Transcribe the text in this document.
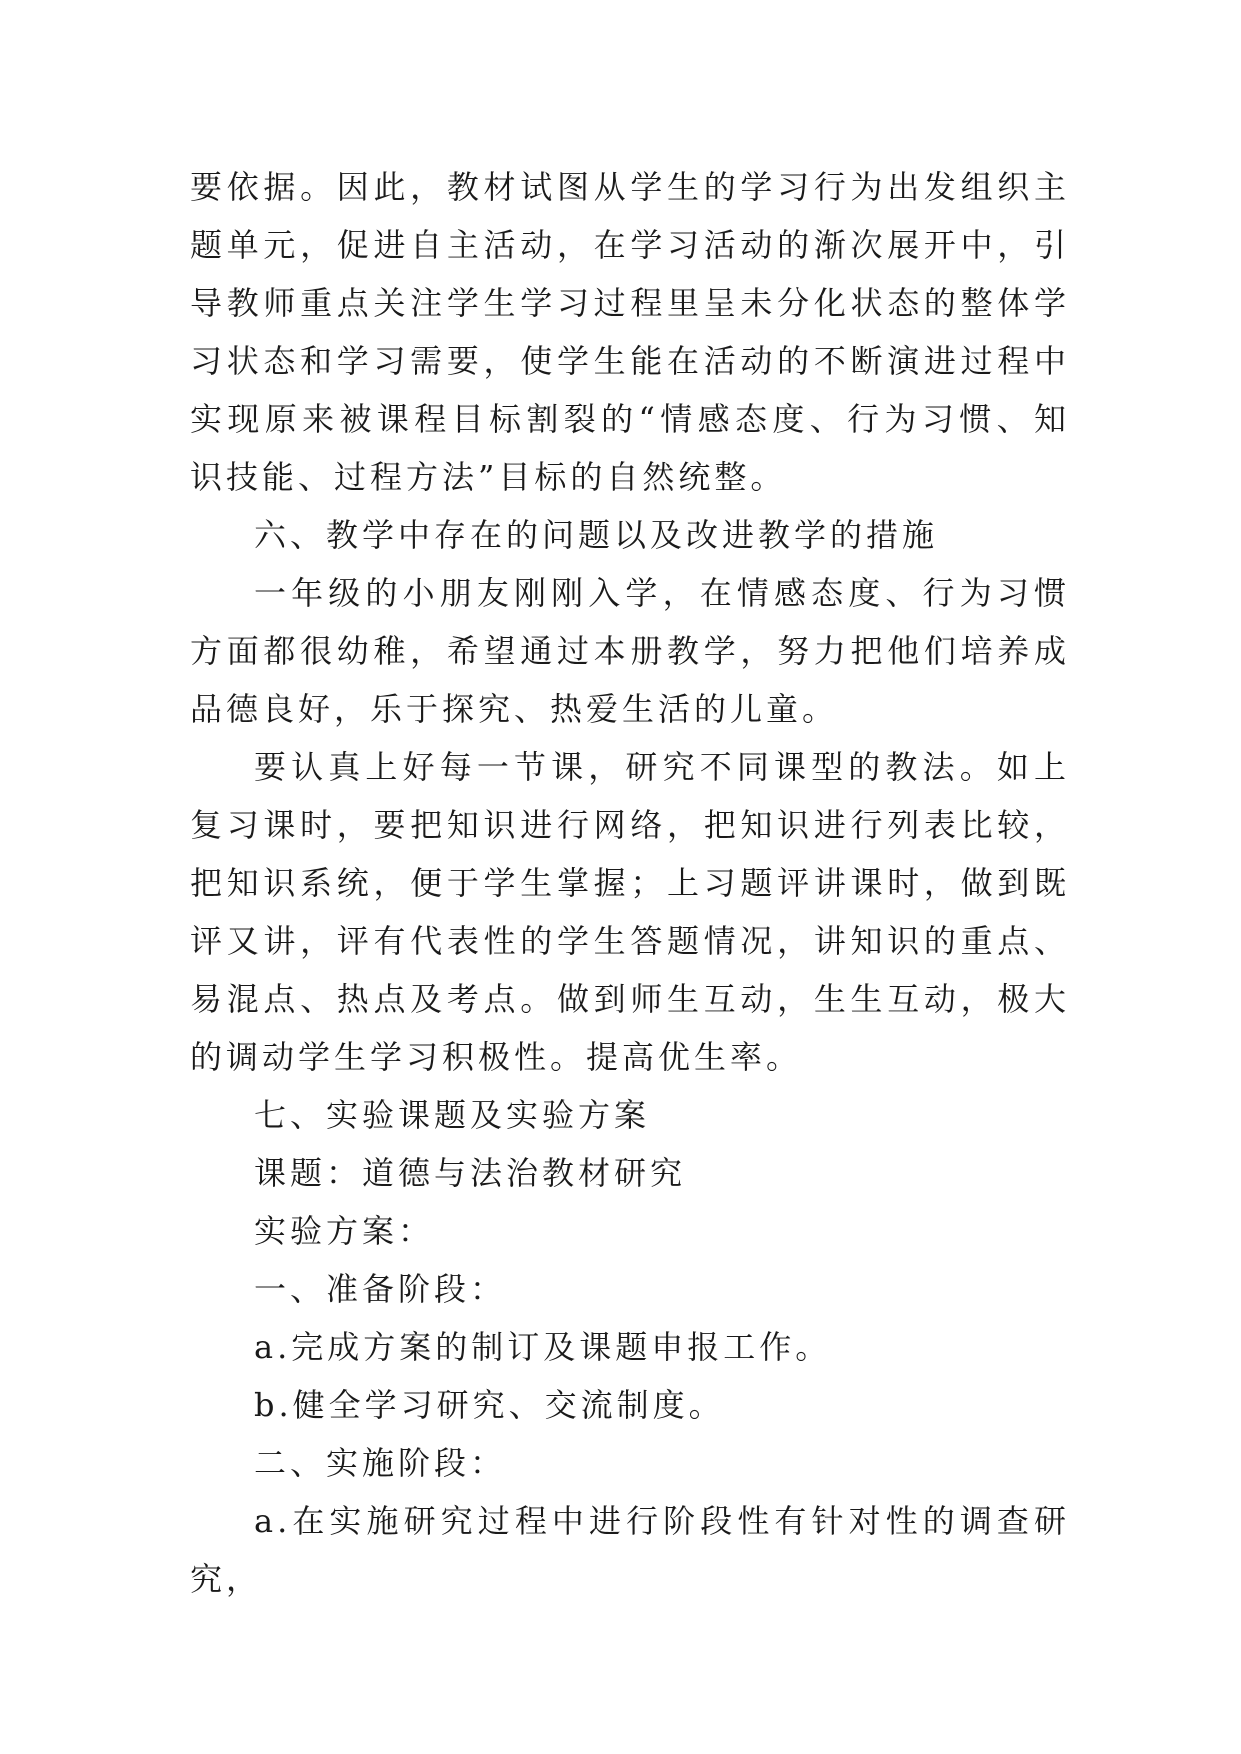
要依据。因此，教材试图从学生的学习行为出发组织主题单元，促进自主活动，在学习活动的渐次展开中，引导教师重点关注学生学习过程里呈未分化状态的整体学习状态和学习需要，使学生能在活动的不断演进过程中实现原来被课程目标割裂的“情感态度、行为习惯、知识技能、过程方法”目标的自然统整。

六、教学中存在的问题以及改进教学的措施

一年级的小朋友刚刚入学，在情感态度、行为习惯方面都很幼稚，希望通过本册教学，努力把他们培养成品德良好，乐于探究、热爱生活的儿童。

要认真上好每一节课，研究不同课型的教法。如上复习课时，要把知识进行网络，把知识进行列表比较，把知识系统，便于学生掌握；上习题评讲课时，做到既评又讲，评有代表性的学生答题情况，讲知识的重点、易混点、热点及考点。做到师生互动，生生互动，极大的调动学生学习积极性。提高优生率。

七、实验课题及实验方案

课题：道德与法治教材研究

实验方案：

一、准备阶段：

a.完成方案的制订及课题申报工作。

b.健全学习研究、交流制度。

二、实施阶段：

a.在实施研究过程中进行阶段性有针对性的调查研究，
